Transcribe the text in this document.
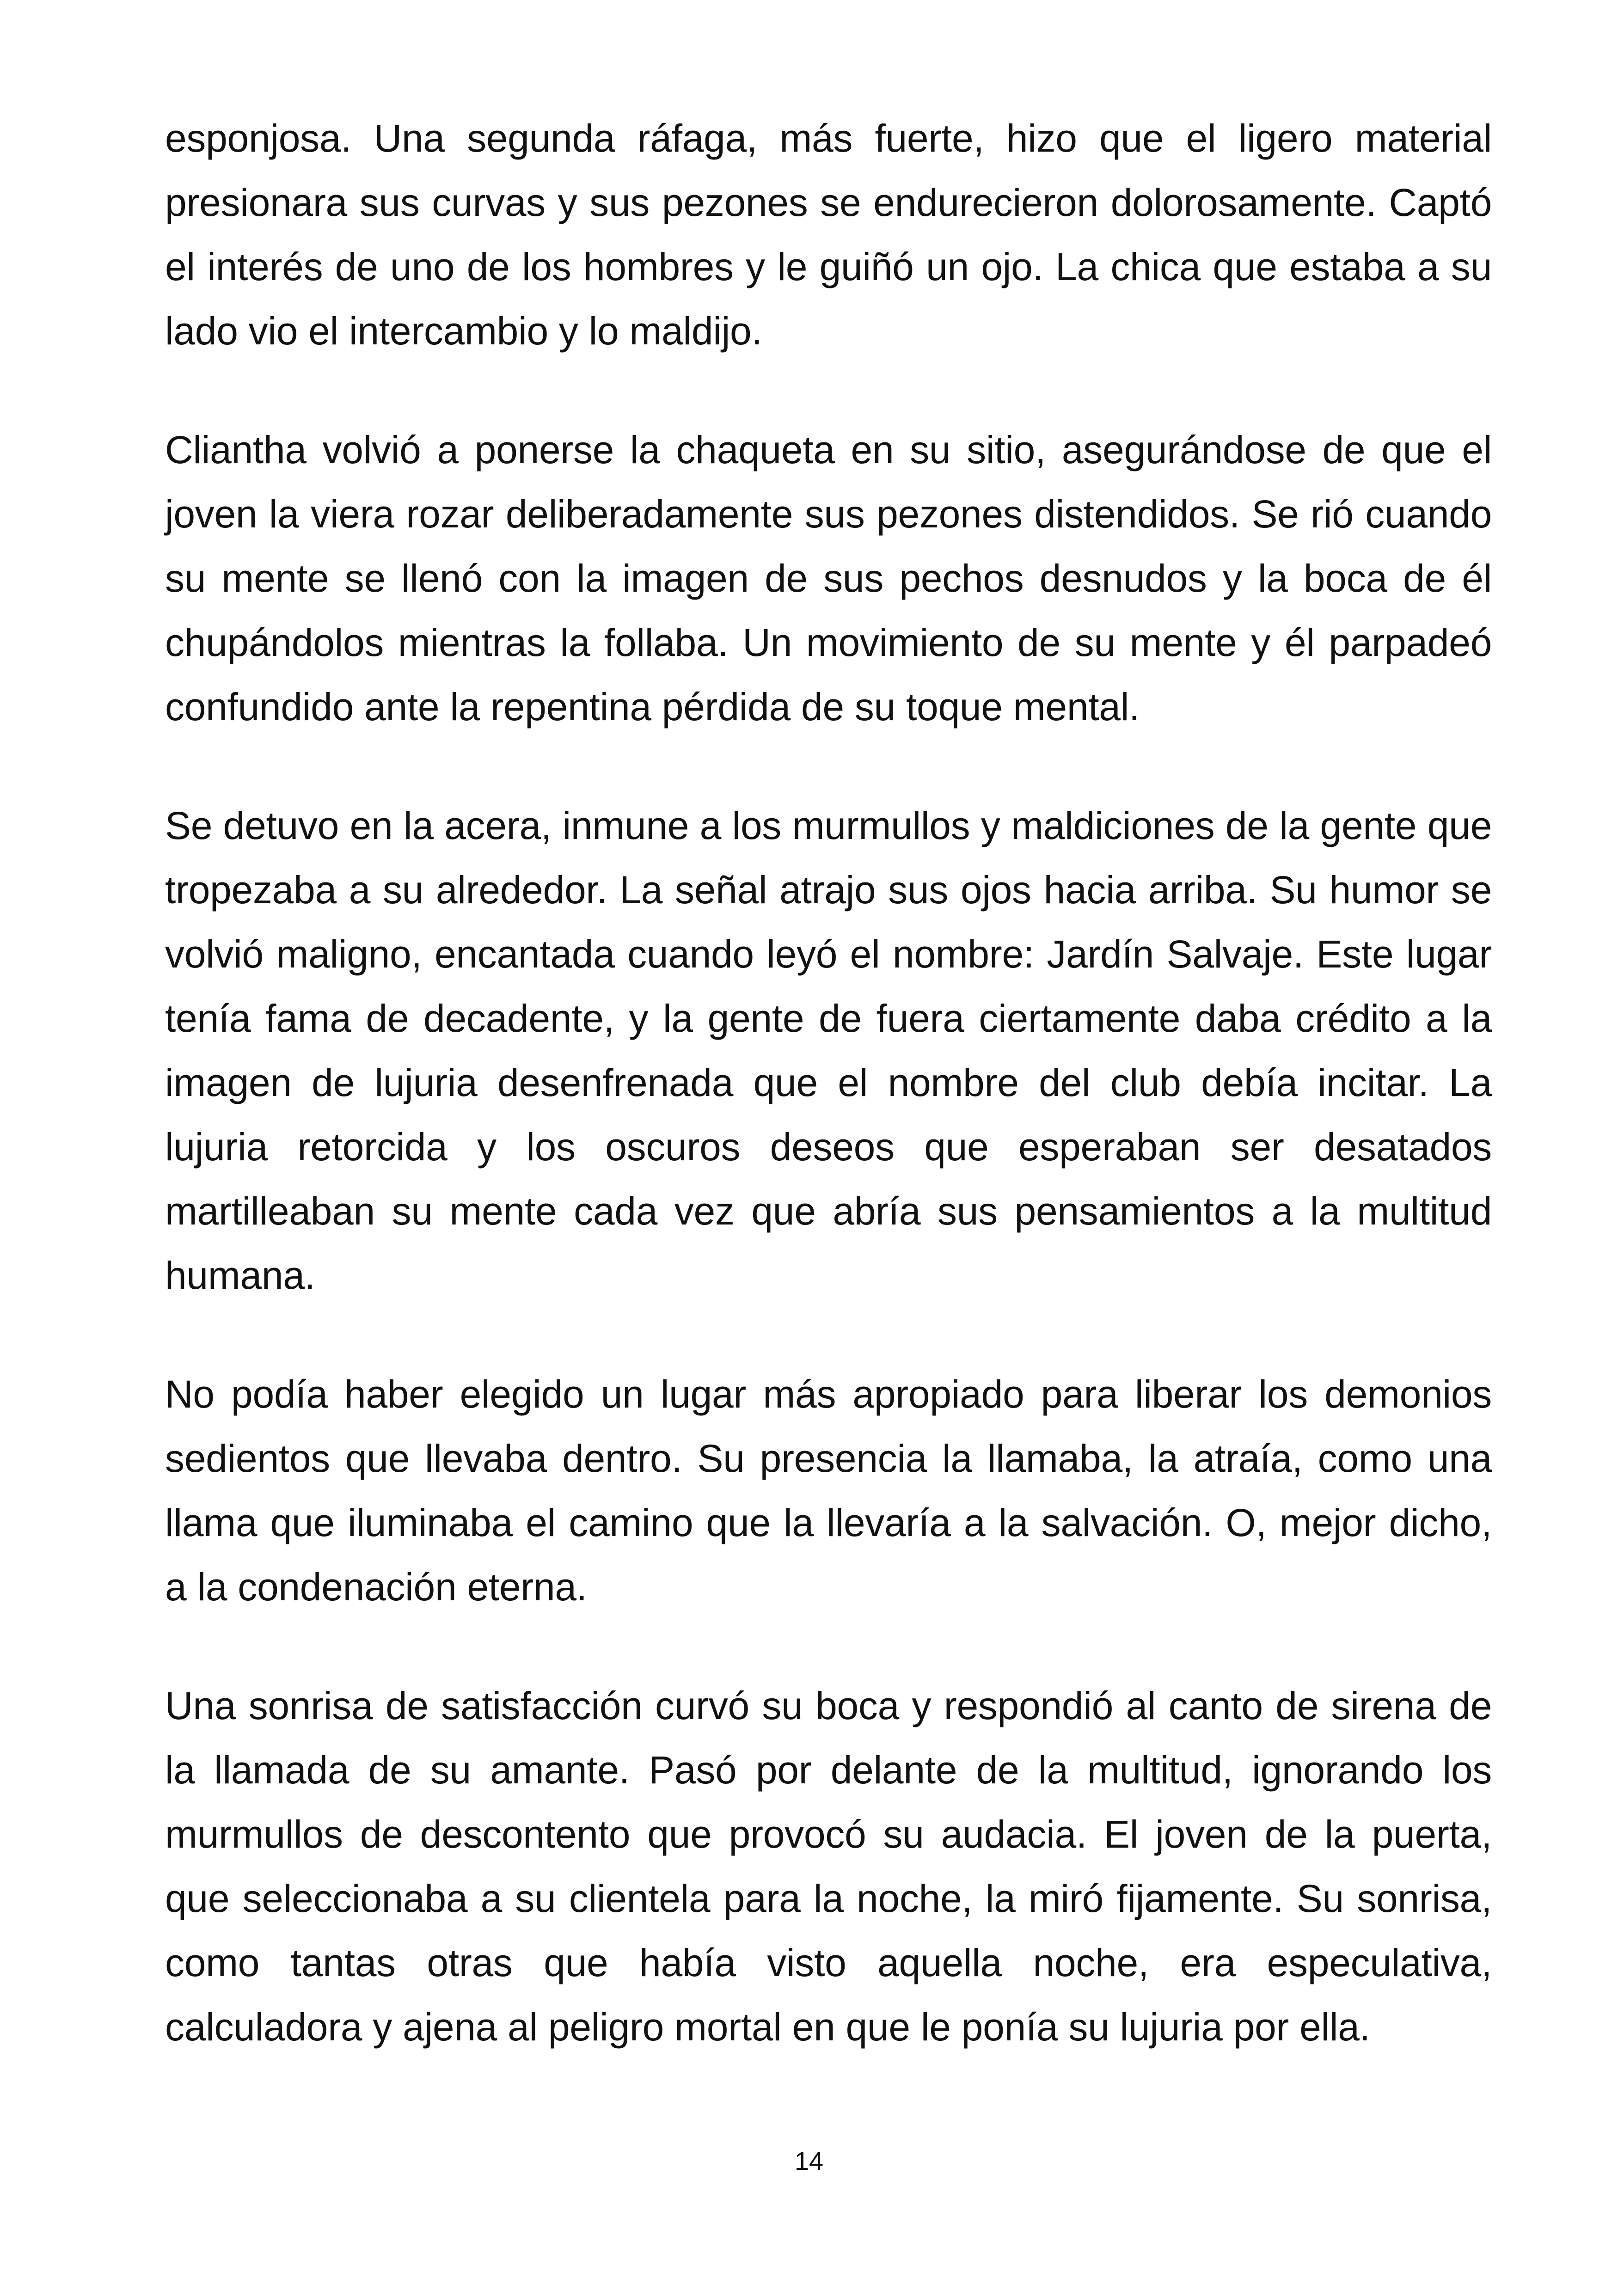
esponjosa. Una segunda ráfaga, más fuerte, hizo que el ligero material presionara sus curvas y sus pezones se endurecieron dolorosamente. Captó el interés de uno de los hombres y le guiñó un ojo. La chica que estaba a su lado vio el intercambio y lo maldijo.

Cliantha volvió a ponerse la chaqueta en su sitio, asegurándose de que el joven la viera rozar deliberadamente sus pezones distendidos. Se rió cuando su mente se llenó con la imagen de sus pechos desnudos y la boca de él chupándolos mientras la follaba. Un movimiento de su mente y él parpadeó confundido ante la repentina pérdida de su toque mental.

Se detuvo en la acera, inmune a los murmullos y maldiciones de la gente que tropezaba a su alrededor. La señal atrajo sus ojos hacia arriba. Su humor se volvió maligno, encantada cuando leyó el nombre: Jardín Salvaje. Este lugar tenía fama de decadente, y la gente de fuera ciertamente daba crédito a la imagen de lujuria desenfrenada que el nombre del club debía incitar. La lujuria retorcida y los oscuros deseos que esperaban ser desatados martilleaban su mente cada vez que abría sus pensamientos a la multitud humana.

No podía haber elegido un lugar más apropiado para liberar los demonios sedientos que llevaba dentro. Su presencia la llamaba, la atraía, como una llama que iluminaba el camino que la llevaría a la salvación. O, mejor dicho, a la condenación eterna.

Una sonrisa de satisfacción curvó su boca y respondió al canto de sirena de la llamada de su amante. Pasó por delante de la multitud, ignorando los murmullos de descontento que provocó su audacia. El joven de la puerta, que seleccionaba a su clientela para la noche, la miró fijamente. Su sonrisa, como tantas otras que había visto aquella noche, era especulativa, calculadora y ajena al peligro mortal en que le ponía su lujuria por ella.

14
